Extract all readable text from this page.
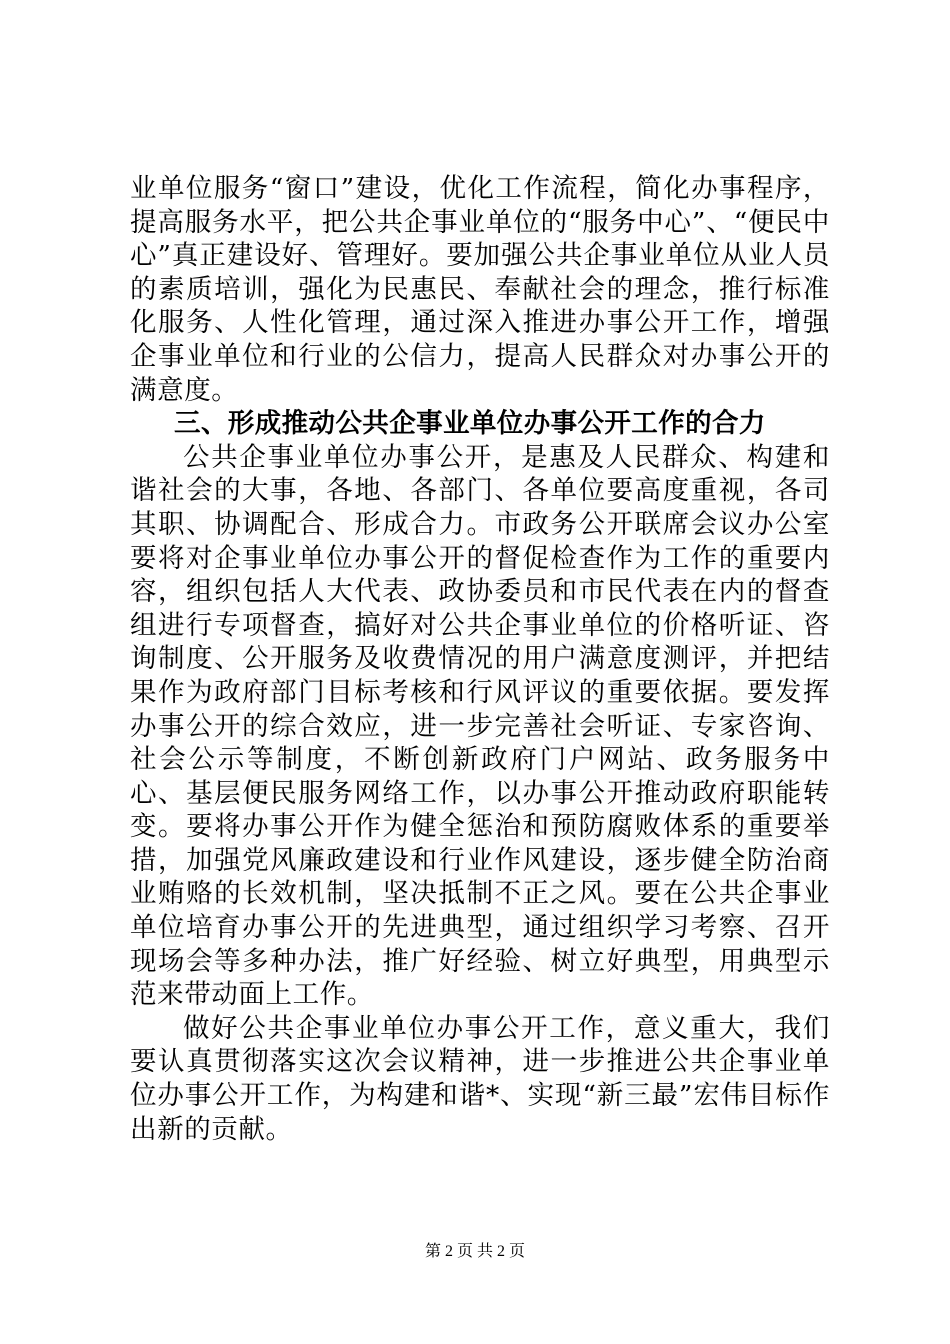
业单位服务“窗口”建设，优化工作流程，简化办事程序，提高服务水平，把公共企事业单位的“服务中心”、“便民中心”真正建设好、管理好。要加强公共企事业单位从业人员的素质培训，强化为民惠民、奉献社会的理念，推行标准化服务、人性化管理，通过深入推进办事公开工作，增强企事业单位和行业的公信力，提高人民群众对办事公开的满意度。

三、形成推动公共企事业单位办事公开工作的合力

公共企事业单位办事公开，是惠及人民群众、构建和谐社会的大事，各地、各部门、各单位要高度重视，各司其职、协调配合、形成合力。市政务公开联席会议办公室要将对企事业单位办事公开的督促检查作为工作的重要内容，组织包括人大代表、政协委员和市民代表在内的督查组进行专项督查，搞好对公共企事业单位的价格听证、咨询制度、公开服务及收费情况的用户满意度测评，并把结果作为政府部门目标考核和行风评议的重要依据。要发挥办事公开的综合效应，进一步完善社会听证、专家咨询、社会公示等制度，不断创新政府门户网站、政务服务中心、基层便民服务网络工作，以办事公开推动政府职能转变。要将办事公开作为健全惩治和预防腐败体系的重要举措，加强党风廉政建设和行业作风建设，逐步健全防治商业贿赂的长效机制，坚决抵制不正之风。要在公共企事业单位培育办事公开的先进典型，通过组织学习考察、召开现场会等多种办法，推广好经验、树立好典型，用典型示范来带动面上工作。

做好公共企事业单位办事公开工作，意义重大，我们要认真贯彻落实这次会议精神，进一步推进公共企事业单位办事公开工作，为构建和谐*、实现“新三最”宏伟目标作出新的贡献。

第 2 页 共 2 页
